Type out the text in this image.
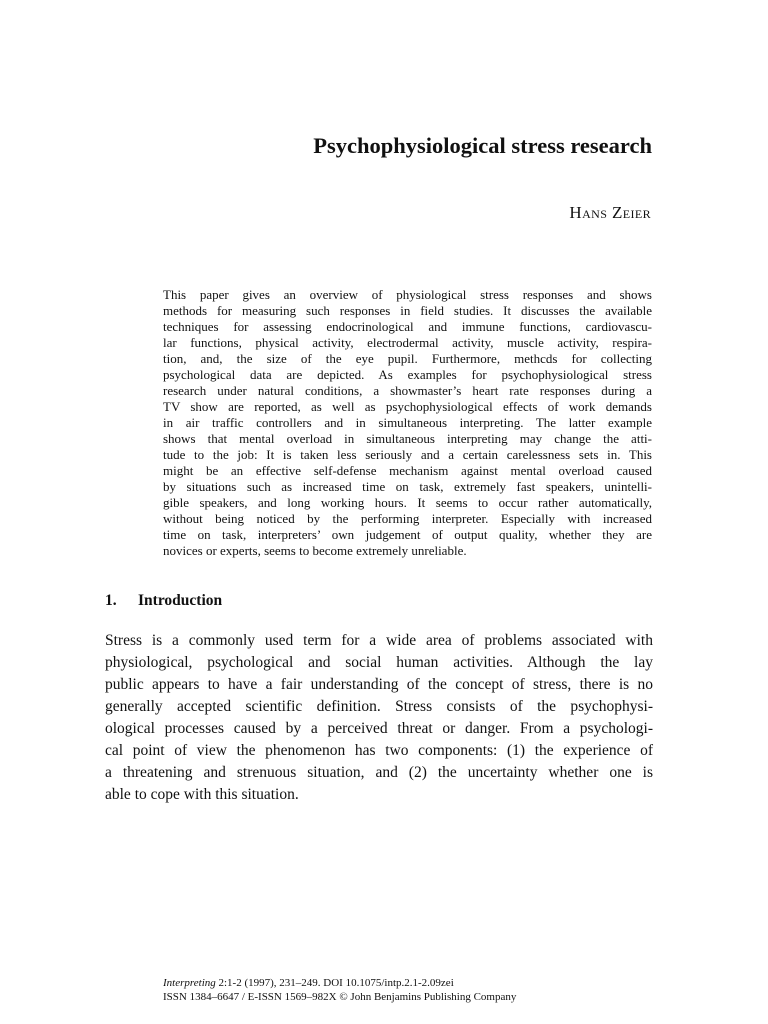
Psychophysiological stress research
Hans Zeier
This paper gives an overview of physiological stress responses and shows
methods for measuring such responses in field studies. It discusses the available
techniques for assessing endocrinological and immune functions, cardiovascu-
lar functions, physical activity, electrodermal activity, muscle activity, respira-
tion, and, the size of the eye pupil. Furthermore, methcds for collecting
psychological data are depicted. As examples for psychophysiological stress
research under natural conditions, a showmaster’s heart rate responses during a
TV show are reported, as well as psychophysiological effects of work demands
in air traffic controllers and in simultaneous interpreting. The latter example
shows that mental overload in simultaneous interpreting may change the atti-
tude to the job: It is taken less seriously and a certain carelessness sets in. This
might be an effective self-defense mechanism against mental overload caused
by situations such as increased time on task, extremely fast speakers, unintelli-
gible speakers, and long working hours. It seems to occur rather automatically,
without being noticed by the performing interpreter. Especially with increased
time on task, interpreters’ own judgement of output quality, whether they are
novices or experts, seems to become extremely unreliable.
1. Introduction
Stress is a commonly used term for a wide area of problems associated with
physiological, psychological and social human activities. Although the lay
public appears to have a fair understanding of the concept of stress, there is no
generally accepted scientific definition. Stress consists of the psychophysi-
ological processes caused by a perceived threat or danger. From a psychologi-
cal point of view the phenomenon has two components: (1) the experience of
a threatening and strenuous situation, and (2) the uncertainty whether one is
able to cope with this situation.
Interpreting 2:1-2 (1997), 231–249. DOI 10.1075/intp.2.1-2.09zei
ISSN 1384–6647 / E-ISSN 1569–982X © John Benjamins Publishing Company
